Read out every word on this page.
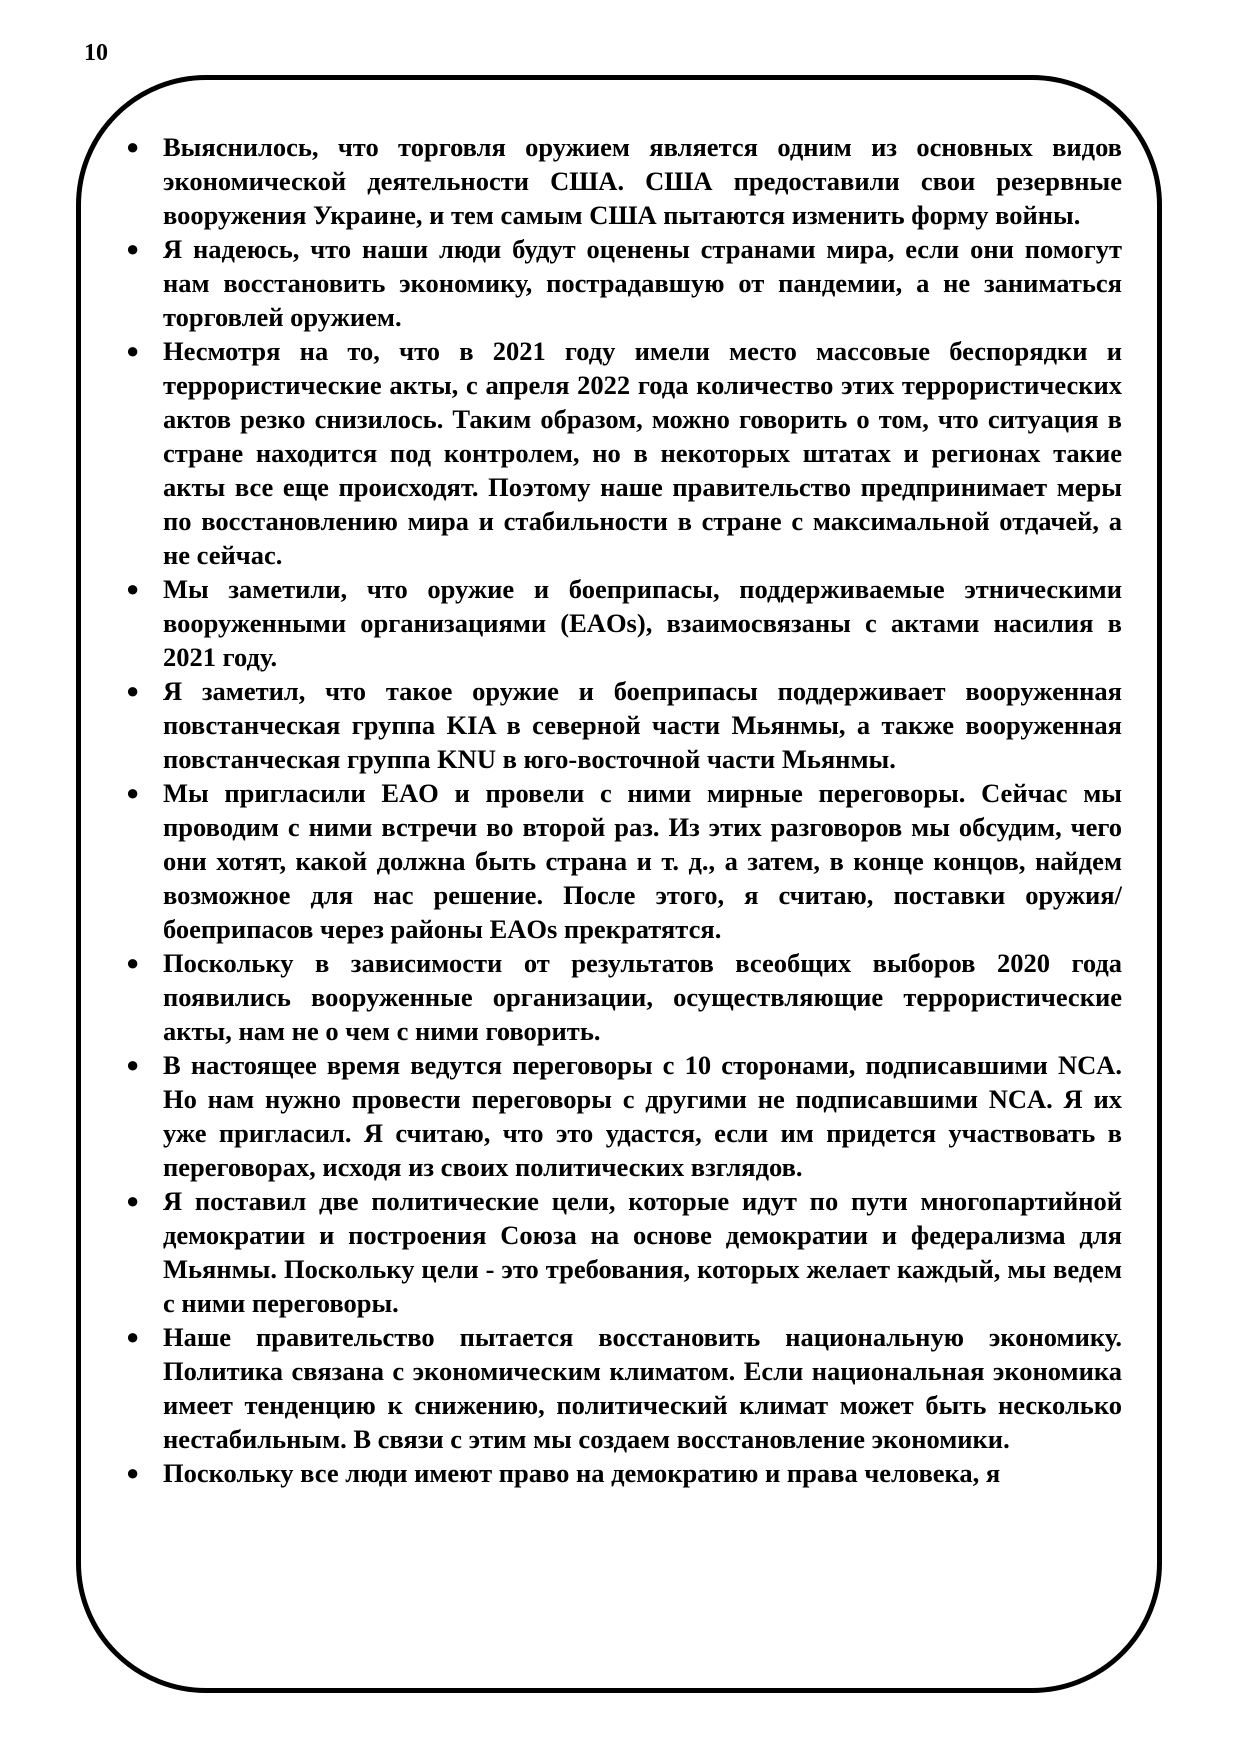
10
● Выяснилось, что торговля оружием является одним из основных видов экономической деятельности США. США предоставили свои резервные вооружения Украине, и тем самым США пытаются изменить форму войны.
● Я надеюсь, что наши люди будут оценены странами мира, если они помогут нам восстановить экономику, пострадавшую от пандемии, а не заниматься торговлей оружием.
● Несмотря на то, что в 2021 году имели место массовые беспорядки и террористические акты, с апреля 2022 года количество этих террористических актов резко снизилось. Таким образом, можно говорить о том, что ситуация в стране находится под контролем, но в некоторых штатах и регионах такие акты все еще происходят. Поэтому наше правительство предпринимает меры по восстановлению мира и стабильности в стране с максимальной отдачей, а не сейчас.
● Мы заметили, что оружие и боеприпасы, поддерживаемые этническими вооруженными организациями (EAOs), взаимосвязаны с актами насилия в 2021 году.
● Я заметил, что такое оружие и боеприпасы поддерживает вооруженная повстанческая группа KIA в северной части Мьянмы, а также вооруженная повстанческая группа KNU в юго-восточной части Мьянмы.
● Мы пригласили EAO и провели с ними мирные переговоры. Сейчас мы проводим с ними встречи во второй раз. Из этих разговоров мы обсудим, чего они хотят, какой должна быть страна и т. д., а затем, в конце концов, найдем возможное для нас решение. После этого, я считаю, поставки оружия/боеприпасов через районы EAOs прекратятся.
● Поскольку в зависимости от результатов всеобщих выборов 2020 года появились вооруженные организации, осуществляющие террористические акты, нам не о чем с ними говорить.
● В настоящее время ведутся переговоры с 10 сторонами, подписавшими NCA. Но нам нужно провести переговоры с другими не подписавшими NCA. Я их уже пригласил. Я считаю, что это удастся, если им придется участвовать в переговорах, исходя из своих политических взглядов.
● Я поставил две политические цели, которые идут по пути многопартийной демократии и построения Союза на основе демократии и федерализма для Мьянмы. Поскольку цели - это требования, которых желает каждый, мы ведем с ними переговоры.
● Наше правительство пытается восстановить национальную экономику. Политика связана с экономическим климатом. Если национальная экономика имеет тенденцию к снижению, политический климат может быть несколько нестабильным. В связи с этим мы создаем восстановление экономики.
● Поскольку все люди имеют право на демократию и права человека, я
